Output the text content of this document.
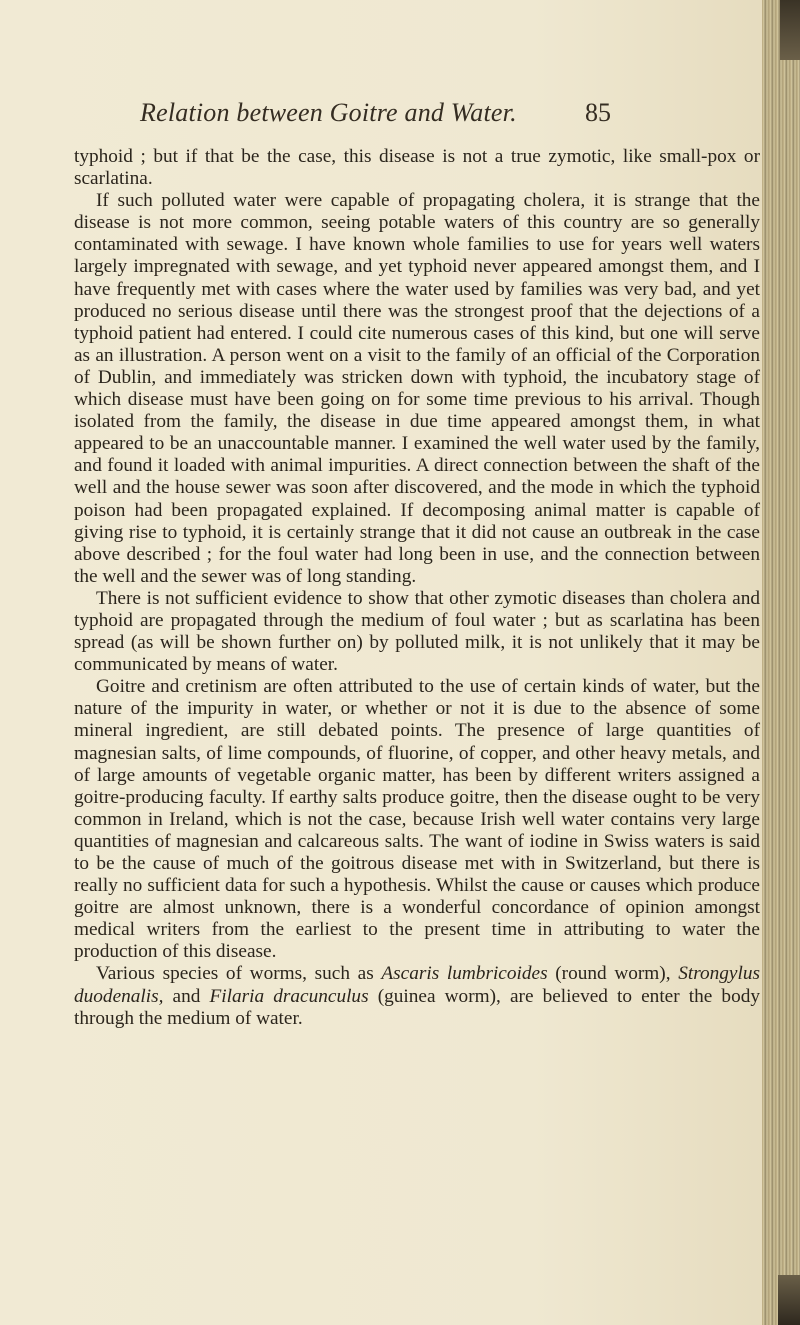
Relation between Goitre and Water.	85

typhoid ; but if that be the case, this disease is not a true zymotic, like small-pox or scarlatina.

If such polluted water were capable of propagating cholera, it is strange that the disease is not more common, seeing potable waters of this country are so generally contaminated with sewage. I have known whole families to use for years well waters largely impregnated with sewage, and yet typhoid never appeared amongst them, and I have frequently met with cases where the water used by families was very bad, and yet produced no serious disease until there was the strongest proof that the dejections of a typhoid patient had entered. I could cite numerous cases of this kind, but one will serve as an illustration. A person went on a visit to the family of an official of the Corporation of Dublin, and immediately was stricken down with typhoid, the incubatory stage of which disease must have been going on for some time previous to his arrival. Though isolated from the family, the disease in due time appeared amongst them, in what appeared to be an unaccountable manner. I examined the well water used by the family, and found it loaded with animal impurities. A direct connection between the shaft of the well and the house sewer was soon after discovered, and the mode in which the typhoid poison had been propagated explained. If decomposing animal matter is capable of giving rise to typhoid, it is certainly strange that it did not cause an outbreak in the case above described ; for the foul water had long been in use, and the connection between the well and the sewer was of long standing.

There is not sufficient evidence to show that other zymotic diseases than cholera and typhoid are propagated through the medium of foul water ; but as scarlatina has been spread (as will be shown further on) by polluted milk, it is not unlikely that it may be communicated by means of water.

Goitre and cretinism are often attributed to the use of certain kinds of water, but the nature of the impurity in water, or whether or not it is due to the absence of some mineral ingredient, are still debated points. The presence of large quantities of magnesian salts, of lime compounds, of fluorine, of copper, and other heavy metals, and of large amounts of vegetable organic matter, has been by different writers assigned a goitre-producing faculty. If earthy salts produce goitre, then the disease ought to be very common in Ireland, which is not the case, because Irish well water contains very large quantities of magnesian and calcareous salts. The want of iodine in Swiss waters is said to be the cause of much of the goitrous disease met with in Switzerland, but there is really no sufficient data for such a hypothesis. Whilst the cause or causes which produce goitre are almost unknown, there is a wonderful concordance of opinion amongst medical writers from the earliest to the present time in attributing to water the production of this disease.

Various species of worms, such as Ascaris lumbricoides (round worm), Strongylus duodenalis, and Filaria dracunculus (guinea worm), are believed to enter the body through the medium of water.
